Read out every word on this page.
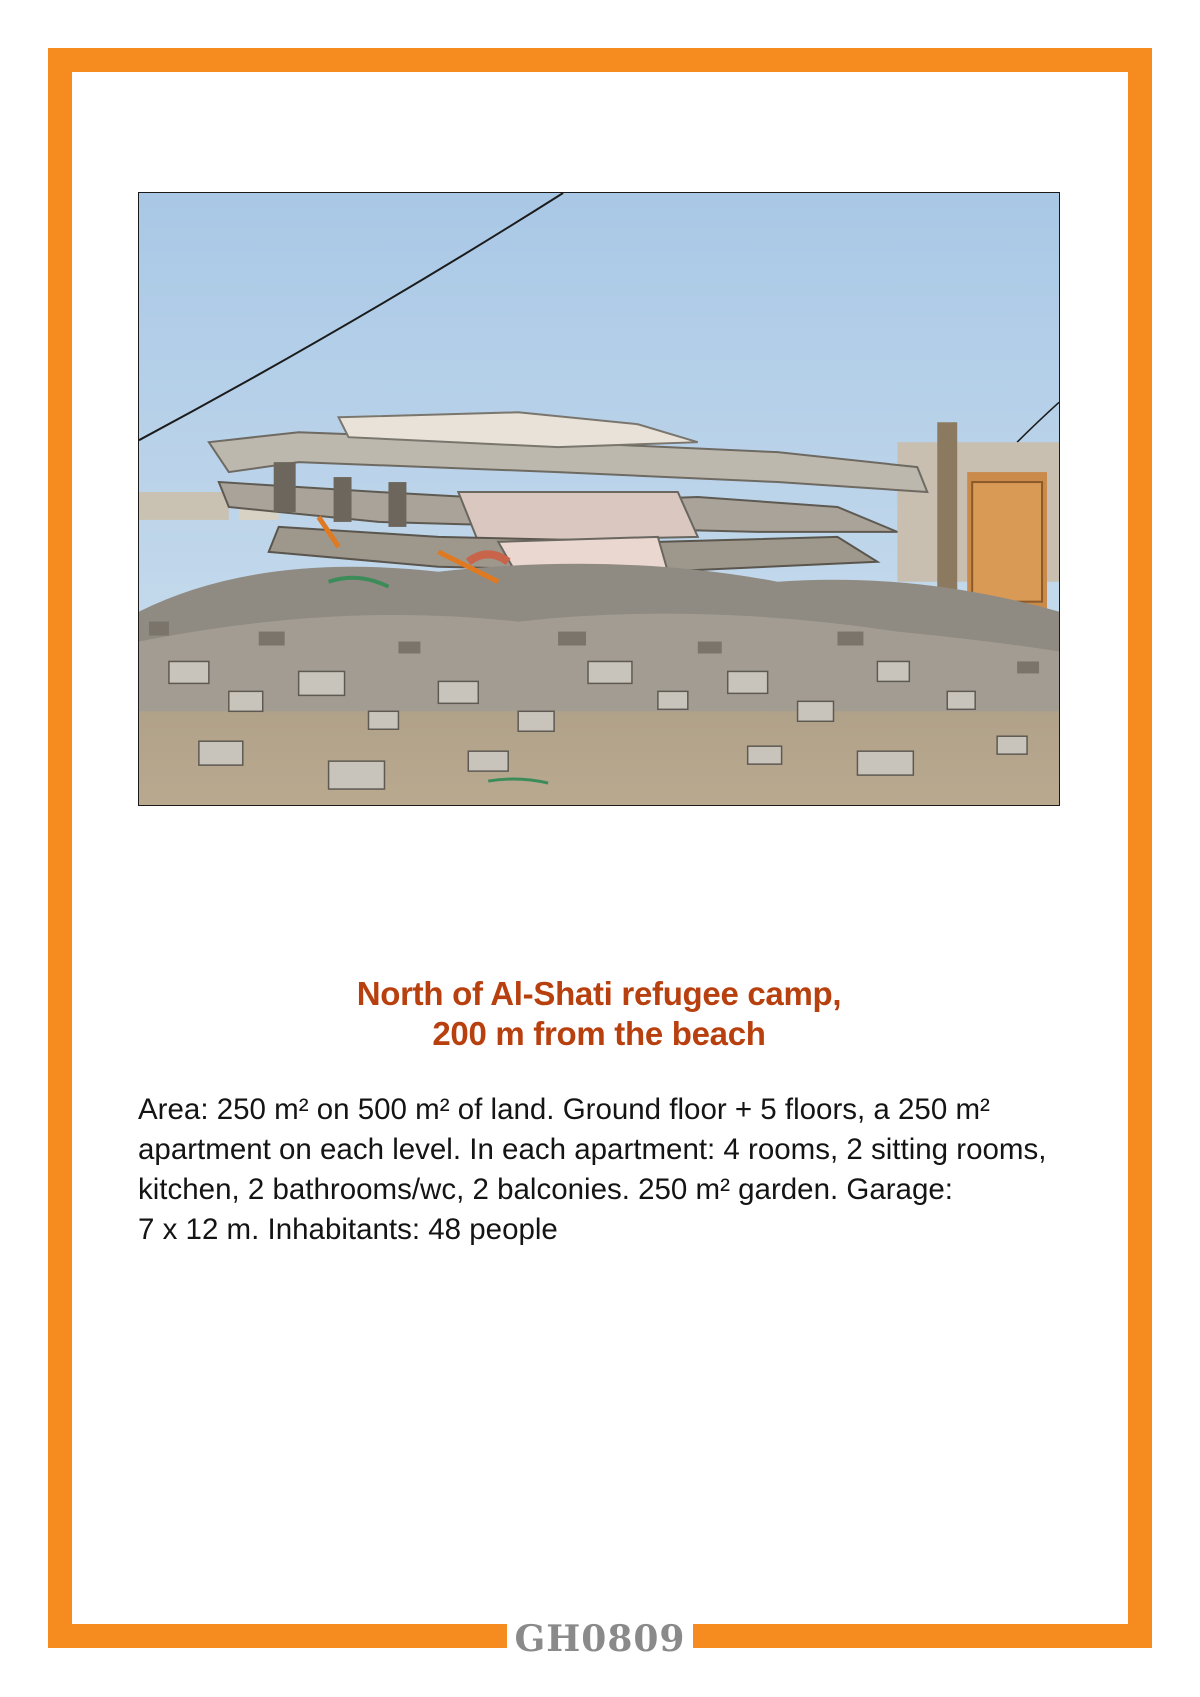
North of Al-Shati refugee camp,
200 m from the beach
Area: 250 m² on 500 m² of land. Ground floor + 5 floors, a 250 m²
apartment on each level. In each apartment: 4 rooms, 2 sitting rooms,
kitchen, 2 bathrooms/wc, 2 balconies. 250 m² garden. Garage:
7 x 12 m. Inhabitants: 48 people
GH0809
